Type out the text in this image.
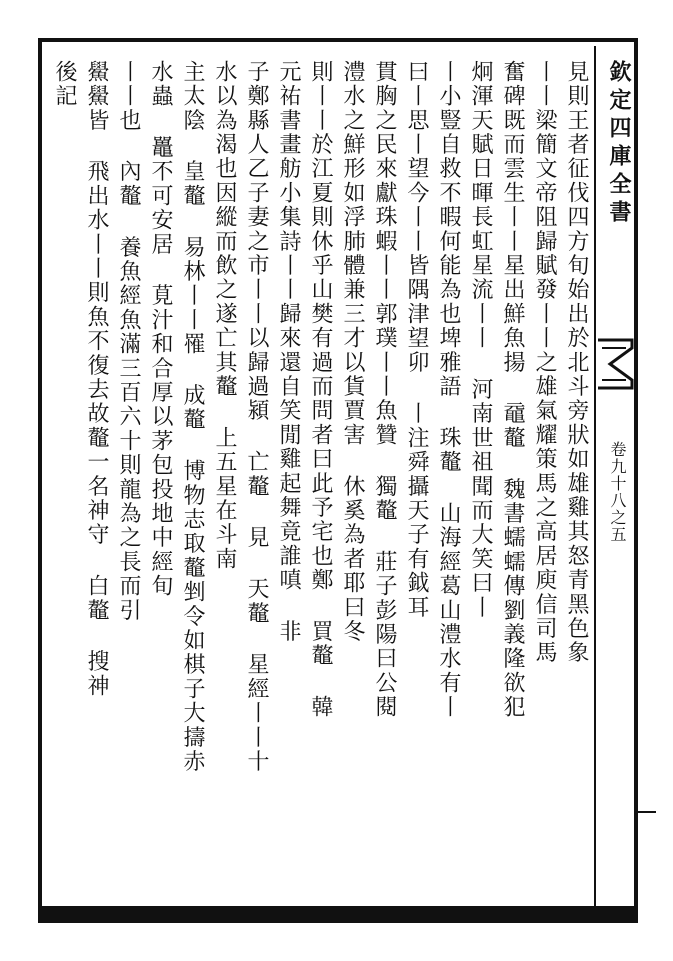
欽定四庫全書
卷九十八之五
見則王者征伐四方旬始出於北斗旁狀如雄雞其怒青黑色象
丨丨梁簡文帝阻歸賦發丨丨之雄氣耀策馬之高居庾信司馬
奮碑既而雲生丨丨星出鮮魚揚 黿鼇 魏書蠕蠕傳劉義隆欲犯
炯渾天賦日暉長虹星流丨丨 河南世祖聞而大笑曰丨
丨小豎自救不暇何能為也埤雅語 珠鼇 山海經葛山澧水有丨
曰丨思丨望今丨丨皆隅津望卯 丨注舜攝天子有鉞耳
貫胸之民來獻珠蝦丨丨郭璞丨丨魚贊 獨鼇 莊子彭陽曰公閱
澧水之鮮形如浮肺體兼三才以貨賈害 休奚為者耶曰冬
則丨丨於江夏則休乎山樊有過而問者曰此予宅也鄭 買鼇 韓
元祐書畫舫小集詩丨丨歸來還自笑閒雞起舞竟誰嗔 非
子鄭縣人乙子妻之市丨丨以歸過潁 亡鼇 見 天鼇 星經丨丨十
水以為渴也因縱而飲之遂亡其鼇 上五星在斗南
主太陰 皇鼇 易林丨丨罹 成鼇 博物志取鼇剉令如棋子大擣赤
水蟲 鼉不可安居 莧汁和合厚以茅包投地中經旬
丨丨也 內鼇 養魚經魚滿三百六十則龍為之長而引
鱟鱟皆 飛出水丨丨則魚不復去故鼇一名神守 白鼇 搜神
後記
